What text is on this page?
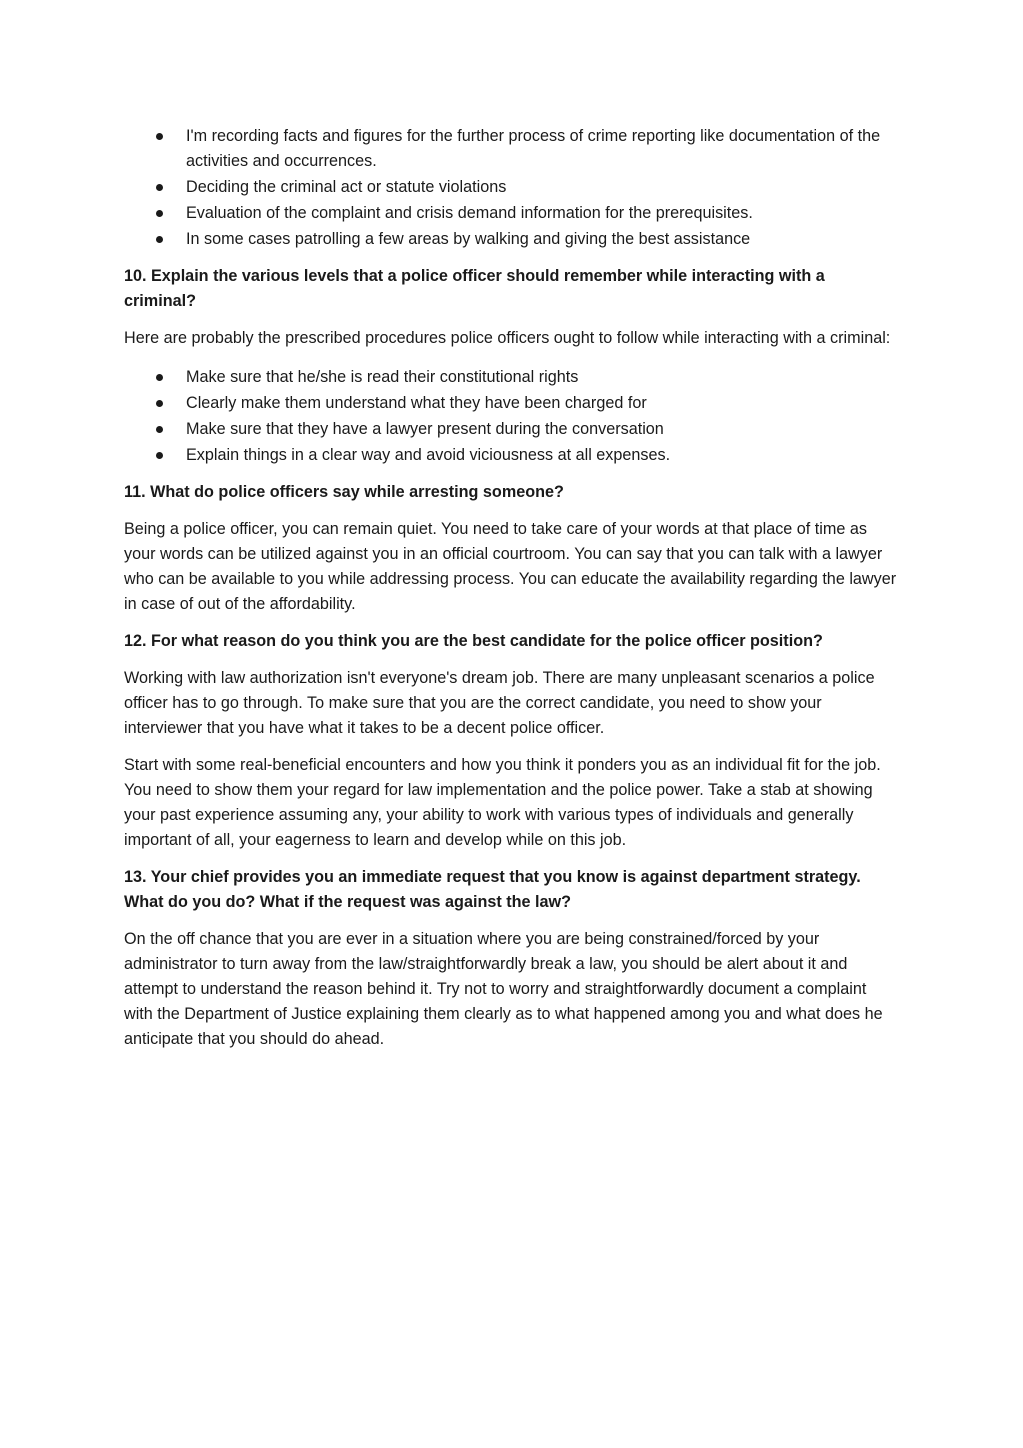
I'm recording facts and figures for the further process of crime reporting like documentation of the activities and occurrences.
Deciding the criminal act or statute violations
Evaluation of the complaint and crisis demand information for the prerequisites.
In some cases patrolling a few areas by walking and giving the best assistance
10. Explain the various levels that a police officer should remember while interacting with a criminal?

Here are probably the prescribed procedures police officers ought to follow while interacting with a criminal:

Make sure that he/she is read their constitutional rights
Clearly make them understand what they have been charged for
Make sure that they have a lawyer present during the conversation
Explain things in a clear way and avoid viciousness at all expenses.
11. What do police officers say while arresting someone?

Being a police officer, you can remain quiet. You need to take care of your words at that place of time as your words can be utilized against you in an official courtroom. You can say that you can talk with a lawyer who can be available to you while addressing process. You can educate the availability regarding the lawyer in case of out of the affordability.

12. For what reason do you think you are the best candidate for the police officer position?

Working with law authorization isn't everyone's dream job. There are many unpleasant scenarios a police officer has to go through. To make sure that you are the correct candidate, you need to show your interviewer that you have what it takes to be a decent police officer.

Start with some real-beneficial encounters and how you think it ponders you as an individual fit for the job. You need to show them your regard for law implementation and the police power. Take a stab at showing your past experience assuming any, your ability to work with various types of individuals and generally important of all, your eagerness to learn and develop while on this job.

13. Your chief provides you an immediate request that you know is against department strategy. What do you do? What if the request was against the law?

On the off chance that you are ever in a situation where you are being constrained/forced by your administrator to turn away from the law/straightforwardly break a law, you should be alert about it and attempt to understand the reason behind it. Try not to worry and straightforwardly document a complaint with the Department of Justice explaining them clearly as to what happened among you and what does he anticipate that you should do ahead.
